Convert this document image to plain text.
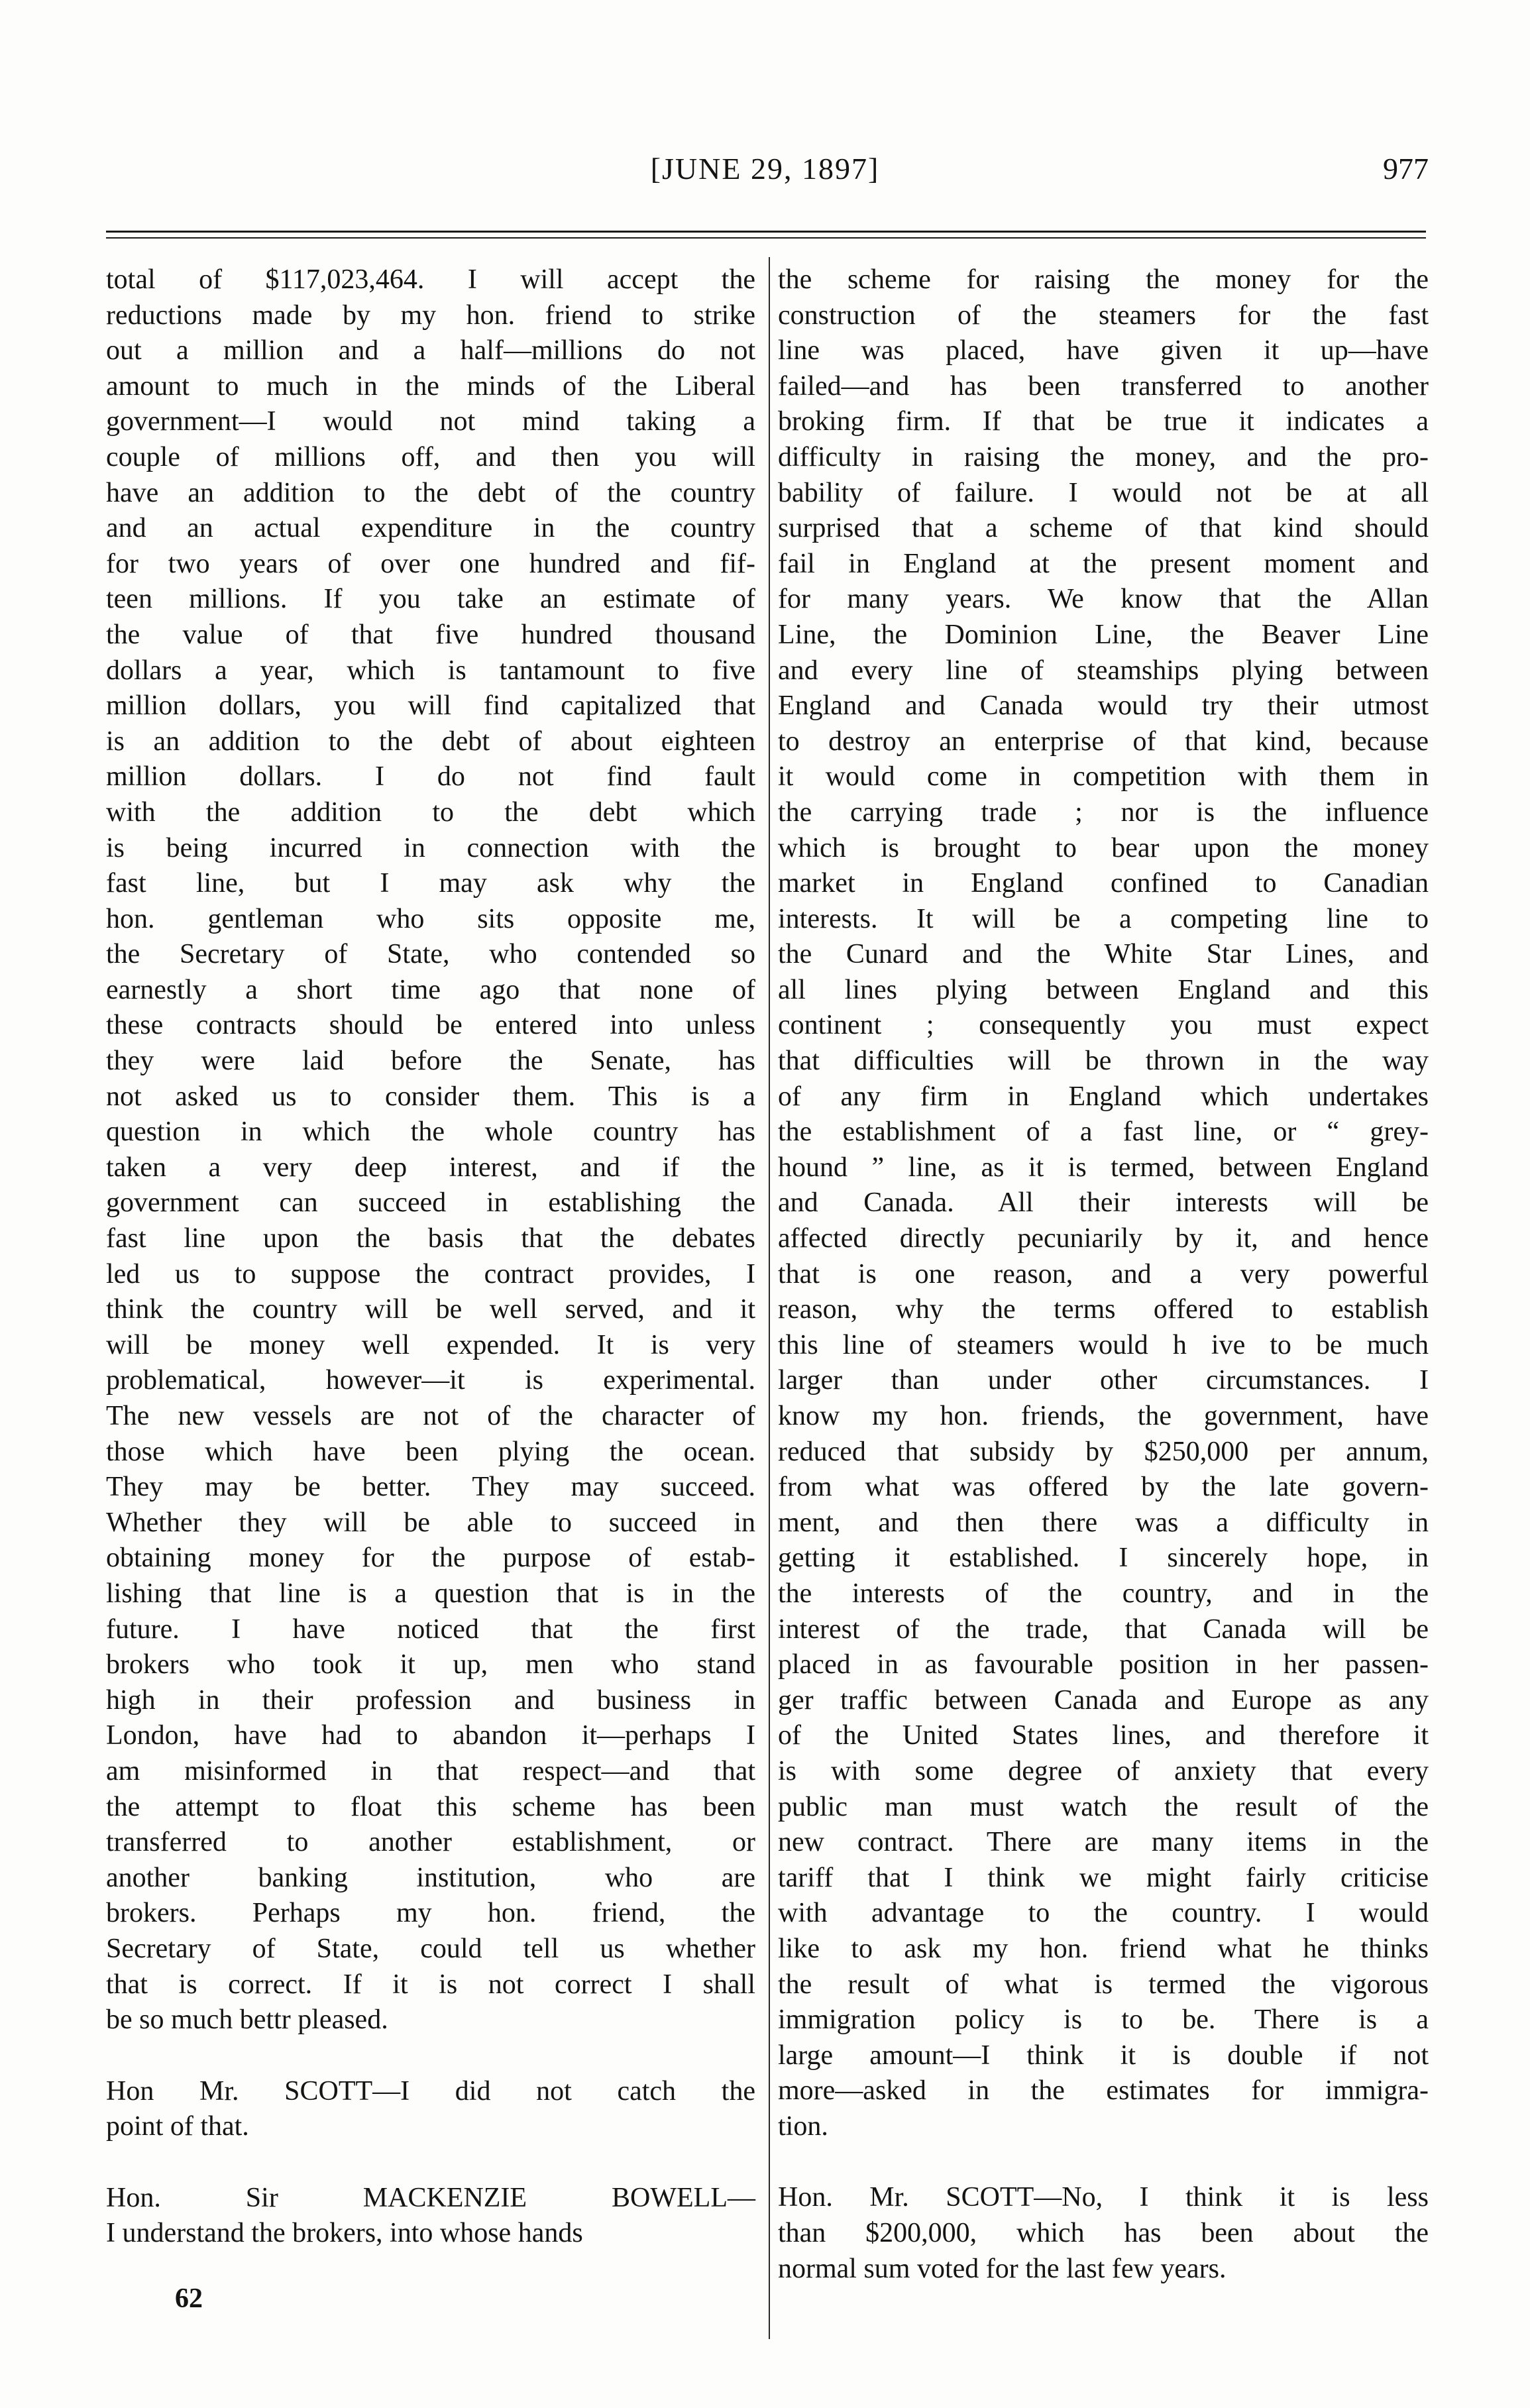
[JUNE 29, 1897]	977
total of $117,023,464. I will accept the
reductions made by my hon. friend to strike
out a million and a half—millions do not
amount to much in the minds of the Liberal
government—I would not mind taking a
couple of millions off, and then you will
have an addition to the debt of the country
and an actual expenditure in the country
for two years of over one hundred and fif-
teen millions. If you take an estimate of
the value of that five hundred thousand
dollars a year, which is tantamount to five
million dollars, you will find capitalized that
is an addition to the debt of about eighteen
million dollars. I do not find fault
with the addition to the debt which
is being incurred in connection with the
fast line, but I may ask why the
hon. gentleman who sits opposite me,
the Secretary of State, who contended so
earnestly a short time ago that none of
these contracts should be entered into unless
they were laid before the Senate, has
not asked us to consider them. This is a
question in which the whole country has
taken a very deep interest, and if the
government can succeed in establishing the
fast line upon the basis that the debates
led us to suppose the contract provides, I
think the country will be well served, and it
will be money well expended. It is very
problematical, however—it is experimental.
The new vessels are not of the character of
those which have been plying the ocean.
They may be better. They may succeed.
Whether they will be able to succeed in
obtaining money for the purpose of estab-
lishing that line is a question that is in the
future. I have noticed that the first
brokers who took it up, men who stand
high in their profession and business in
London, have had to abandon it—perhaps I
am misinformed in that respect—and that
the attempt to float this scheme has been
transferred to another establishment, or
another banking institution, who are
brokers. Perhaps my hon. friend, the
Secretary of State, could tell us whether
that is correct. If it is not correct I shall
be so much bettr pleased.
Hon Mr. SCOTT—I did not catch the
point of that.
Hon. Sir MACKENZIE BOWELL—
I understand the brokers, into whose hands
62
the scheme for raising the money for the
construction of the steamers for the fast
line was placed, have given it up—have
failed—and has been transferred to another
broking firm. If that be true it indicates a
difficulty in raising the money, and the pro-
bability of failure. I would not be at all
surprised that a scheme of that kind should
fail in England at the present moment and
for many years. We know that the Allan
Line, the Dominion Line, the Beaver Line
and every line of steamships plying between
England and Canada would try their utmost
to destroy an enterprise of that kind, because
it would come in competition with them in
the carrying trade ; nor is the influence
which is brought to bear upon the money
market in England confined to Canadian
interests. It will be a competing line to
the Cunard and the White Star Lines, and
all lines plying between England and this
continent ; consequently you must expect
that difficulties will be thrown in the way
of any firm in England which undertakes
the establishment of a fast line, or “ grey-
hound ” line, as it is termed, between England
and Canada. All their interests will be
affected directly pecuniarily by it, and hence
that is one reason, and a very powerful
reason, why the terms offered to establish
this line of steamers would h ive to be much
larger than under other circumstances. I
know my hon. friends, the government, have
reduced that subsidy by $250,000 per annum,
from what was offered by the late govern-
ment, and then there was a difficulty in
getting it established. I sincerely hope, in
the interests of the country, and in the
interest of the trade, that Canada will be
placed in as favourable position in her passen-
ger traffic between Canada and Europe as any
of the United States lines, and therefore it
is with some degree of anxiety that every
public man must watch the result of the
new contract. There are many items in the
tariff that I think we might fairly criticise
with advantage to the country. I would
like to ask my hon. friend what he thinks
the result of what is termed the vigorous
immigration policy is to be. There is a
large amount—I think it is double if not
more—asked in the estimates for immigra-
tion.
Hon. Mr. SCOTT—No, I think it is less
than $200,000, which has been about the
normal sum voted for the last few years.
